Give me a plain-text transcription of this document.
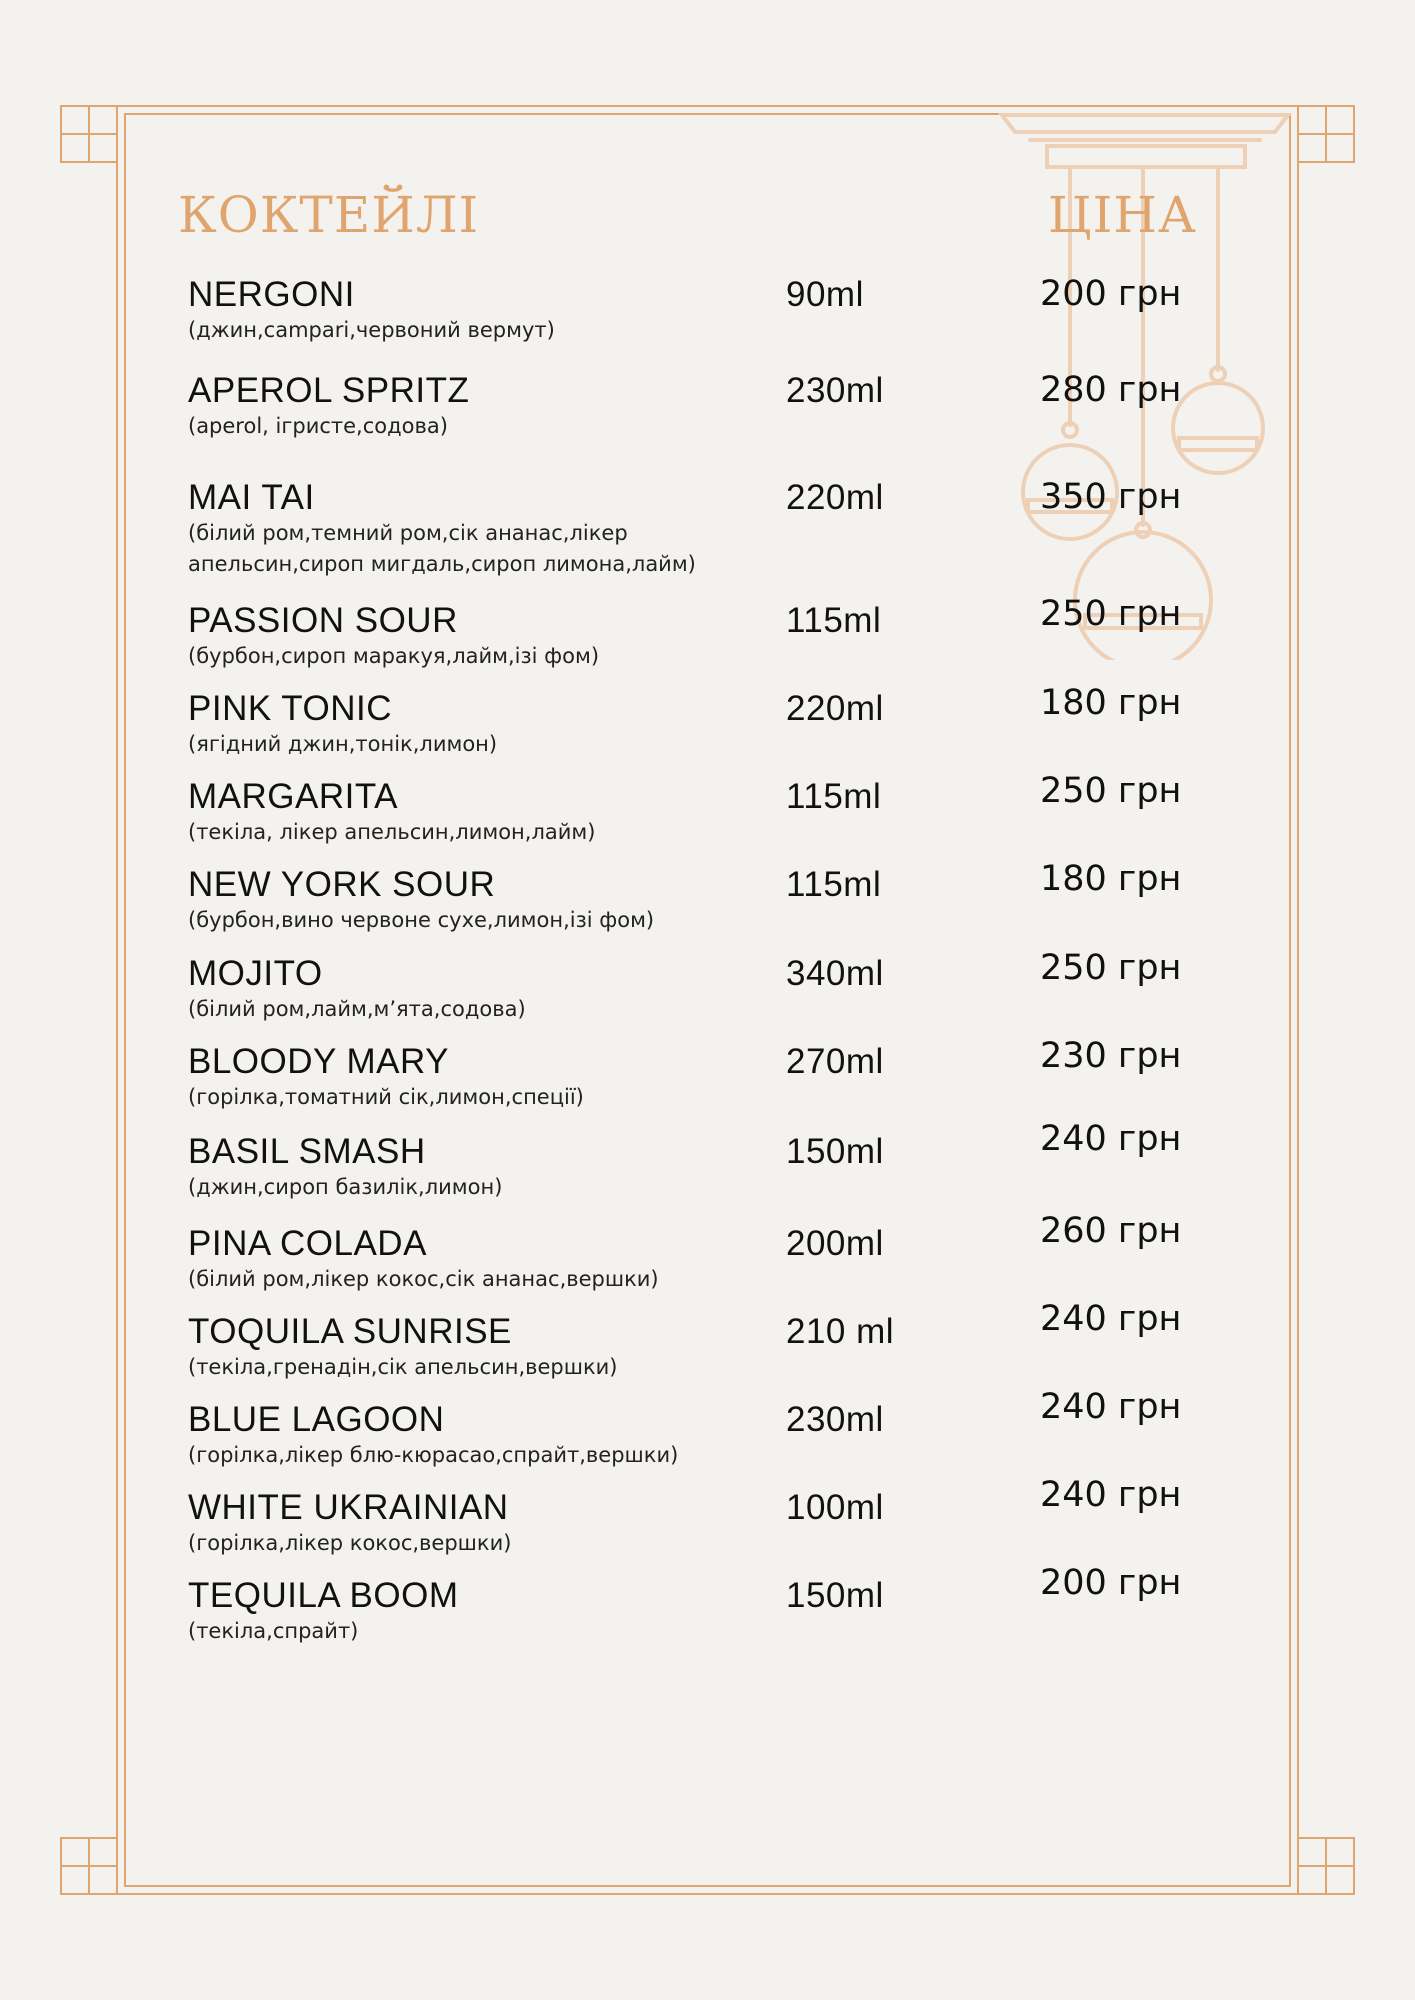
КОКТЕЙЛІ	ЦІНА
NERGONI
(джин,campari,червоний вермут)
90ml	200 грн
APEROL SPRITZ
(aperol, ігристе,содова)
230ml	280 грн
MAI TAI
(білий ром,темний ром,сік ананас,лікер
апельсин,сироп мигдаль,сироп лимона,лайм)
220ml	350 грн
PASSION SOUR
(бурбон,сироп маракуя,лайм,ізі фом)
115ml	250 грн
PINK TONIC
(ягідний джин,тонік,лимон)
220ml	180 грн
MARGARITA
(текіла, лікер апельсин,лимон,лайм)
115ml	250 грн
NEW YORK SOUR
(бурбон,вино червоне сухе,лимон,ізі фом)
115ml	180 грн
MOJITO
(білий ром,лайм,м’ята,содова)
340ml	250 грн
BLOODY MARY
(горілка,томатний сік,лимон,спеції)
270ml	230 грн
BASIL SMASH
(джин,сироп базилік,лимон)
150ml	240 грн
PINA COLADA
(білий ром,лікер кокос,сік ананас,вершки)
200ml	260 грн
TOQUILA SUNRISE
(текіла,гренадін,сік апельсин,вершки)
210 ml	240 грн
BLUE LAGOON
(горілка,лікер блю-кюрасао,спрайт,вершки)
230ml	240 грн
WHITE UKRAINIAN
(горілка,лікер кокос,вершки)
100ml	240 грн
TEQUILA BOOM
(текіла,спрайт)
150ml	200 грн
